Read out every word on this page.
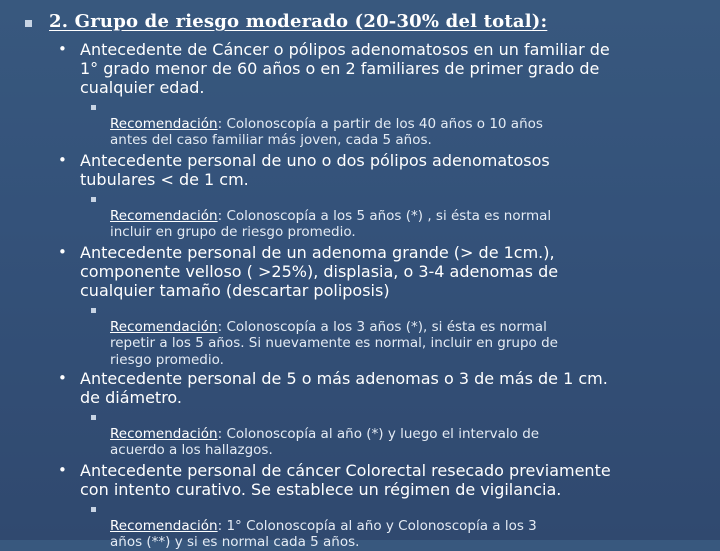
2. Grupo de riesgo moderado (20-30% del total):
• Antecedente de Cáncer o pólipos adenomatosos en un familiar de
1° grado menor de 60 años o en 2 familiares de primer grado de
cualquier edad.

Recomendación: Colonoscopía a partir de los 40 años o 10 años
antes del caso familiar más joven, cada 5 años.

• Antecedente personal de uno o dos pólipos adenomatosos
tubulares < de 1 cm.

Recomendación: Colonoscopía a los 5 años (*) , si ésta es normal
incluir en grupo de riesgo promedio.

• Antecedente personal de un adenoma grande (> de 1cm.),
componente velloso ( >25%), displasia, o 3-4 adenomas de
cualquier tamaño (descartar poliposis)

Recomendación: Colonoscopía a los 3 años (*), si ésta es normal
repetir a los 5 años. Si nuevamente es normal, incluir en grupo de
riesgo promedio.

• Antecedente personal de 5 o más adenomas o 3 de más de 1 cm.
de diámetro.

Recomendación: Colonoscopía al año (*) y luego el intervalo de
acuerdo a los hallazgos.

• Antecedente personal de cáncer Colorectal resecado previamente
con intento curativo. Se establece un régimen de vigilancia.

Recomendación: 1° Colonoscopía al año y Colonoscopía a los 3
años (**) y si es normal cada 5 años.
